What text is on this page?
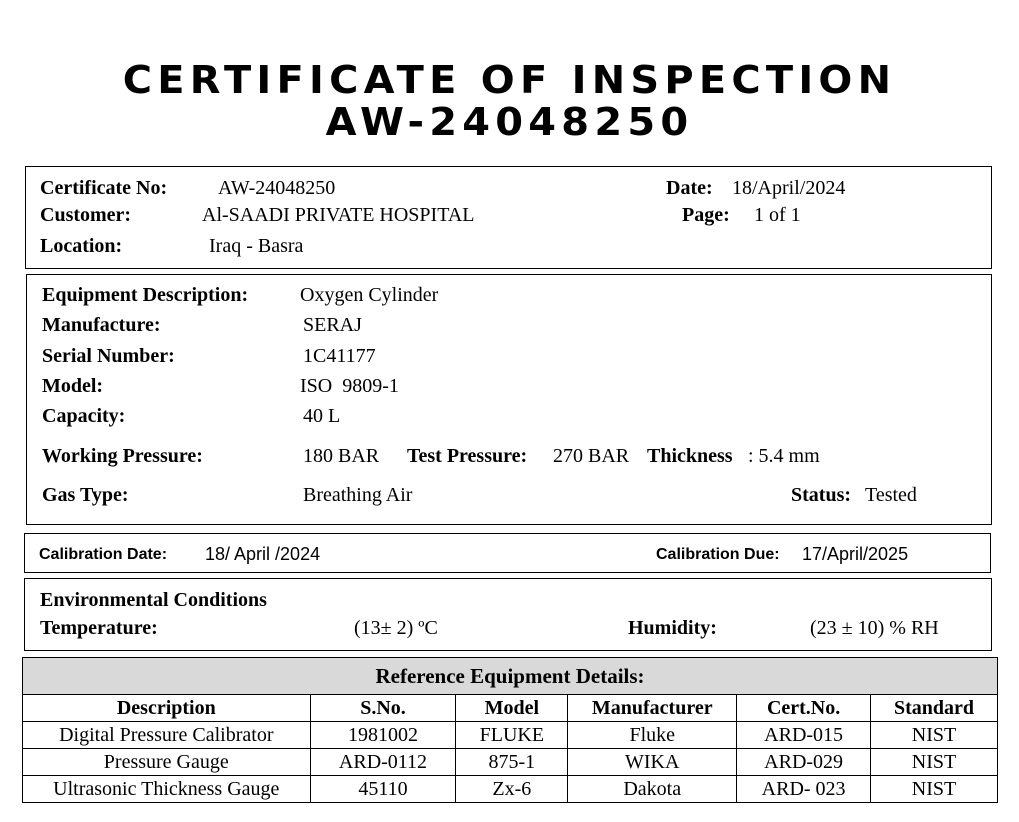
CERTIFICATE OF INSPECTION
AW-24048250
Certificate No:	AW-24048250	Date: 18/April/2024
Customer:	Al-SAADI PRIVATE HOSPITAL	Page: 1 of 1
Location:	Iraq - Basra
Equipment Description:	Oxygen Cylinder
Manufacture:	SERAJ
Serial Number:	1C41177
Model:	ISO  9809-1
Capacity:	40 L
Working Pressure:	180 BAR Test Pressure: 270 BAR Thickness : 5.4 mm
Gas Type:	Breathing Air	Status: Tested
Calibration Date: 18/ April /2024	Calibration Due: 17/April/2025
Environmental Conditions
Temperature:	(13± 2) ºC	Humidity:	(23 ± 10) % RH
Reference Equipment Details:					
Description	S.No.	Model	Manufacturer	Cert.No.	Standard
Digital Pressure Calibrator	1981002	FLUKE	Fluke	ARD-015	NIST
Pressure Gauge	ARD-0112	875-1	WIKA	ARD-029	NIST
Ultrasonic Thickness Gauge	45110	Zx-6	Dakota	ARD- 023	NIST
